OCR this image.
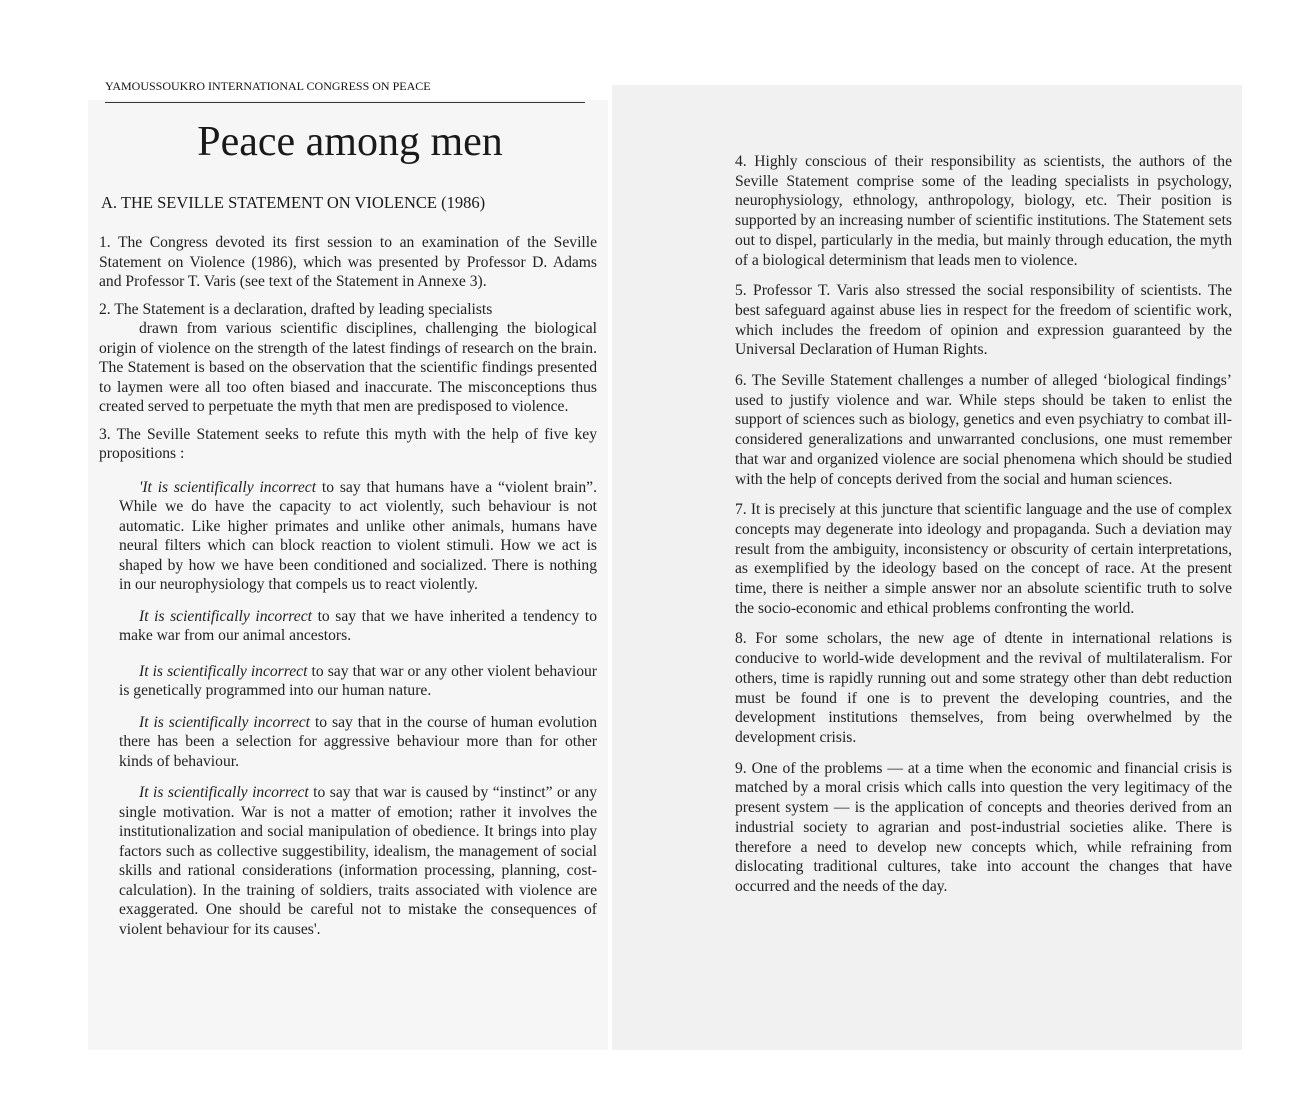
YAMOUSSOUKRO INTERNATIONAL CONGRESS ON PEACE
Peace among men
A. THE SEVILLE STATEMENT ON VIOLENCE (1986)

1. The Congress devoted its first session to an examination of the Seville Statement on Violence (1986), which was presented by Professor D. Adams and Professor T. Varis (see text of the Statement in Annexe 3).

2. The Statement is a declaration, drafted by leading specialists
drawn from various scientific disciplines, challenging the biological origin of violence on the strength of the latest findings of research on the brain. The Statement is based on the observation that the scientific findings presented to laymen were all too often biased and inaccurate. The misconceptions thus created served to perpetuate the myth that men are predisposed to violence.

3. The Seville Statement seeks to refute this myth with the help of five key propositions :

'It is scientifically incorrect to say that humans have a “violent brain”. While we do have the capacity to act violently, such behaviour is not automatic. Like higher primates and unlike other animals, humans have neural filters which can block reaction to violent stimuli. How we act is shaped by how we have been conditioned and socialized. There is nothing in our neurophysiology that compels us to react violently.

It is scientifically incorrect to say that we have inherited a tendency to make war from our animal ancestors.

It is scientifically incorrect to say that war or any other violent behaviour is genetically programmed into our human nature.

It is scientifically incorrect to say that in the course of human evolution there has been a selection for aggressive behaviour more than for other kinds of behaviour.

It is scientifically incorrect to say that war is caused by “instinct” or any single motivation. War is not a matter of emotion; rather it involves the institutionalization and social manipulation of obedience. It brings into play factors such as collective suggestibility, idealism, the management of social skills and rational considerations (information processing, planning, cost-calculation). In the training of soldiers, traits associated with violence are exaggerated. One should be careful not to mistake the consequences of violent behaviour for its causes'.

4. Highly conscious of their responsibility as scientists, the authors of the Seville Statement comprise some of the leading specialists in psychology, neurophysiology, ethnology, anthropology, biology, etc. Their position is supported by an increasing number of scientific institutions. The Statement sets out to dispel, particularly in the media, but mainly through education, the myth of a biological determinism that leads men to violence.

5. Professor T. Varis also stressed the social responsibility of scientists. The best safeguard against abuse lies in respect for the freedom of scientific work, which includes the freedom of opinion and expression guaranteed by the Universal Declaration of Human Rights.

6. The Seville Statement challenges a number of alleged ‘biological findings’ used to justify violence and war. While steps should be taken to enlist the support of sciences such as biology, genetics and even psychiatry to combat ill-considered generalizations and unwarranted conclusions, one must remember that war and organized violence are social phenomena which should be studied with the help of concepts derived from the social and human sciences.

7. It is precisely at this juncture that scientific language and the use of complex concepts may degenerate into ideology and propaganda. Such a deviation may result from the ambiguity, inconsistency or obscurity of certain interpretations, as exemplified by the ideology based on the concept of race. At the present time, there is neither a simple answer nor an absolute scientific truth to solve the socio-economic and ethical problems confronting the world.

8. For some scholars, the new age of dtente in international relations is conducive to world-wide development and the revival of multilateralism. For others, time is rapidly running out and some strategy other than debt reduction must be found if one is to prevent the developing countries, and the development institutions themselves, from being overwhelmed by the development crisis.

9. One of the problems — at a time when the economic and financial crisis is matched by a moral crisis which calls into question the very legitimacy of the present system — is the application of concepts and theories derived from an industrial society to agrarian and post-industrial societies alike. There is therefore a need to develop new concepts which, while refraining from dislocating traditional cultures, take into account the changes that have occurred and the needs of the day.
